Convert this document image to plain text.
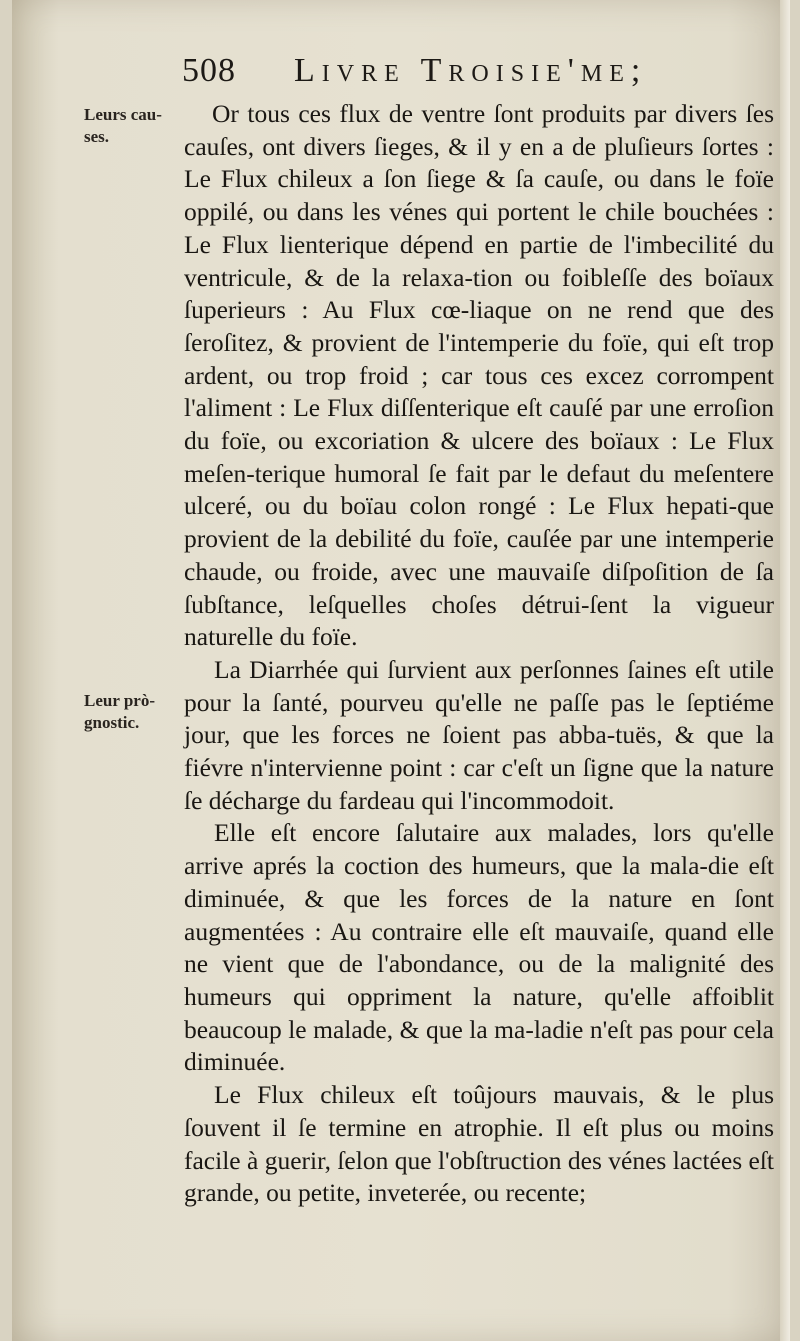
508 Livre Troisie'me;
Leurs cau-ses.
Leur prò-gnostic.

Or tous ces flux de ventre ſont produits par divers ſes cauſes, ont divers ſieges, & il y en a de pluſieurs ſortes : Le Flux chileux a ſon ſiege & ſa cauſe, ou dans le foïe oppilé, ou dans les vénes qui portent le chile bouchées : Le Flux lienterique dépend en partie de l'imbecilité du ventricule, & de la relaxa-tion ou foibleſſe des boïaux ſuperieurs : Au Flux cœ-liaque on ne rend que des ſeroſitez, & provient de l'intemperie du foïe, qui eſt trop ardent, ou trop froid ; car tous ces excez corrompent l'aliment : Le Flux diſſenterique eſt cauſé par une erroſion du foïe, ou excoriation & ulcere des boïaux : Le Flux meſen-terique humoral ſe fait par le defaut du meſentere ulceré, ou du boïau colon rongé : Le Flux hepati-que provient de la debilité du foïe, cauſée par une intemperie chaude, ou froide, avec une mauvaiſe diſpoſition de ſa ſubſtance, leſquelles choſes détrui-ſent la vigueur naturelle du foïe.

La Diarrhée qui ſurvient aux perſonnes ſaines eſt utile pour la ſanté, pourveu qu'elle ne paſſe pas le ſeptiéme jour, que les forces ne ſoient pas abba-tuës, & que la fiévre n'intervienne point : car c'eſt un ſigne que la nature ſe décharge du fardeau qui l'incommodoit.

Elle eſt encore ſalutaire aux malades, lors qu'elle arrive aprés la coction des humeurs, que la mala-die eſt diminuée, & que les forces de la nature en ſont augmentées : Au contraire elle eſt mauvaiſe, quand elle ne vient que de l'abondance, ou de la malignité des humeurs qui oppriment la nature, qu'elle affoiblit beaucoup le malade, & que la ma-ladie n'eſt pas pour cela diminuée.

Le Flux chileux eſt toûjours mauvais, & le plus ſouvent il ſe termine en atrophie. Il eſt plus ou moins facile à guerir, ſelon que l'obſtruction des vénes lactées eſt grande, ou petite, inveterée, ou recente;
